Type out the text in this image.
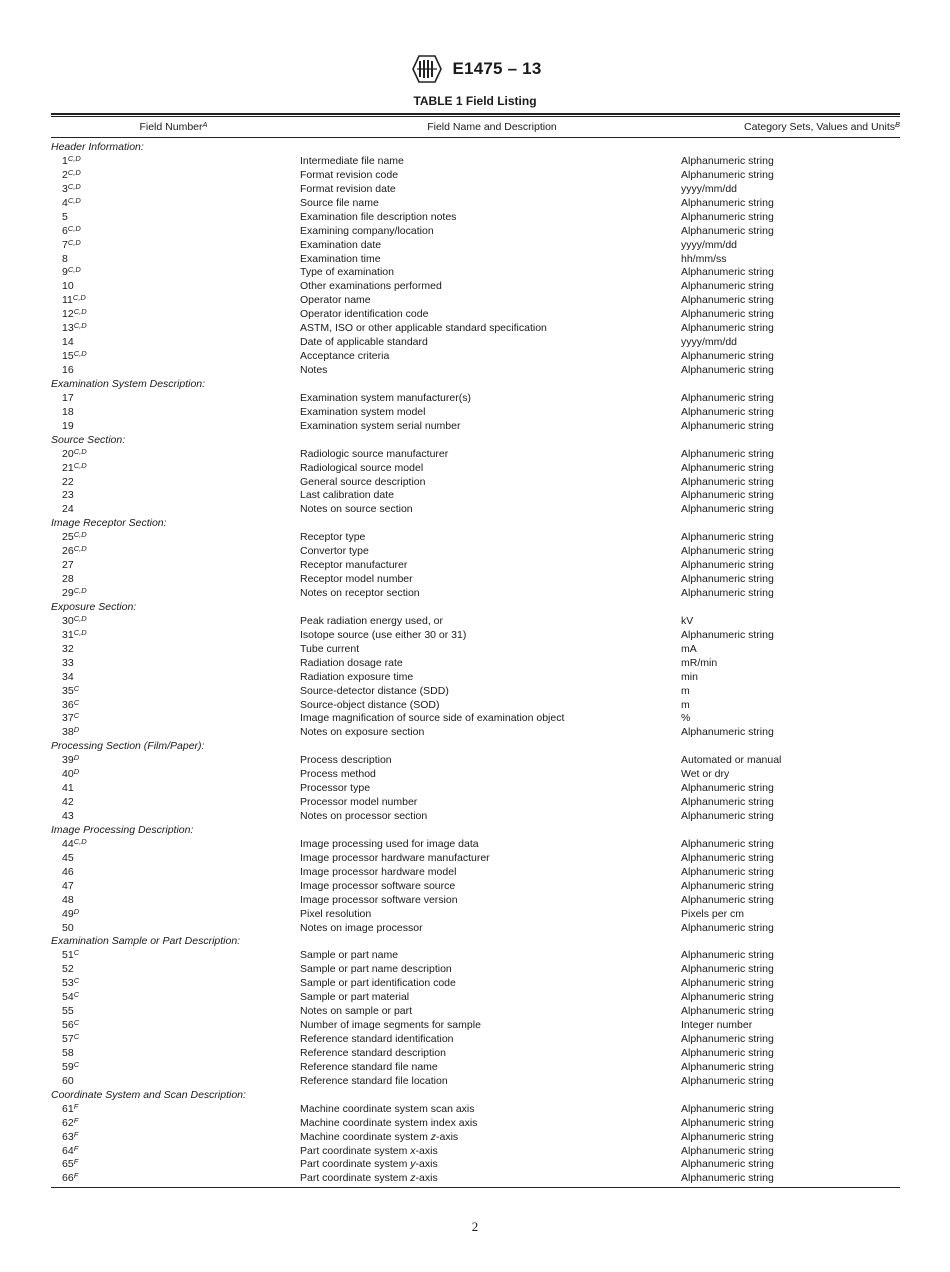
E1475 – 13
TABLE 1 Field Listing
Field Number$^A$	Field Name and Description	Category Sets, Values and Units$^B$
Header Information:
$1^{C,D}$	Intermediate file name	Alphanumeric string
$2^{C,D}$	Format revision code	Alphanumeric string
$3^{C,D}$	Format revision date	yyyy/mm/dd
$4^{C,D}$	Source file name	Alphanumeric string
5	Examination file description notes	Alphanumeric string
$6^{C,D}$	Examining company/location	Alphanumeric string
$7^{C,D}$	Examination date	yyyy/mm/dd
8	Examination time	hh/mm/ss
$9^{C,D}$	Type of examination	Alphanumeric string
10	Other examinations performed	Alphanumeric string
$11^{C,D}$	Operator name	Alphanumeric string
$12^{C,D}$	Operator identification code	Alphanumeric string
$13^{C,D}$	ASTM, ISO or other applicable standard specification	Alphanumeric string
14	Date of applicable standard	yyyy/mm/dd
$15^{C,D}$	Acceptance criteria	Alphanumeric string
16	Notes	Alphanumeric string
Examination System Description:
17	Examination system manufacturer(s)	Alphanumeric string
18	Examination system model	Alphanumeric string
19	Examination system serial number	Alphanumeric string
Source Section:
$20^{C,D}$	Radiologic source manufacturer	Alphanumeric string
$21^{C,D}$	Radiological source model	Alphanumeric string
22	General source description	Alphanumeric string
23	Last calibration date	Alphanumeric string
24	Notes on source section	Alphanumeric string
Image Receptor Section:
$25^{C,D}$	Receptor type	Alphanumeric string
$26^{C,D}$	Convertor type	Alphanumeric string
27	Receptor manufacturer	Alphanumeric string
28	Receptor model number	Alphanumeric string
$29^{C,D}$	Notes on receptor section	Alphanumeric string
Exposure Section:
$30^{C,D}$	Peak radiation energy used, or	kV
$31^{C,D}$	Isotope source (use either 30 or 31)	Alphanumeric string
32	Tube current	mA
33	Radiation dosage rate	mR/min
34	Radiation exposure time	min
$35^C$	Source-detector distance (SDD)	m
$36^C$	Source-object distance (SOD)	m
$37^C$	Image magnification of source side of examination object	%
$38^D$	Notes on exposure section	Alphanumeric string
Processing Section (Film/Paper):
$39^D$	Process description	Automated or manual
$40^D$	Process method	Wet or dry
41	Processor type	Alphanumeric string
42	Processor model number	Alphanumeric string
43	Notes on processor section	Alphanumeric string
Image Processing Description:
$44^{C,D}$	Image processing used for image data	Alphanumeric string
45	Image processor hardware manufacturer	Alphanumeric string
46	Image processor hardware model	Alphanumeric string
47	Image processor software source	Alphanumeric string
48	Image processor software version	Alphanumeric string
$49^D$	Pixel resolution	Pixels per cm
50	Notes on image processor	Alphanumeric string
Examination Sample or Part Description:
$51^C$	Sample or part name	Alphanumeric string
52	Sample or part name description	Alphanumeric string
$53^C$	Sample or part identification code	Alphanumeric string
$54^C$	Sample or part material	Alphanumeric string
55	Notes on sample or part	Alphanumeric string
$56^C$	Number of image segments for sample	Integer number
$57^C$	Reference standard identification	Alphanumeric string
58	Reference standard description	Alphanumeric string
$59^C$	Reference standard file name	Alphanumeric string
60	Reference standard file location	Alphanumeric string
Coordinate System and Scan Description:
$61^F$	Machine coordinate system scan axis	Alphanumeric string
$62^F$	Machine coordinate system index axis	Alphanumeric string
$63^F$	Machine coordinate system z-axis	Alphanumeric string
$64^F$	Part coordinate system x-axis	Alphanumeric string
$65^F$	Part coordinate system y-axis	Alphanumeric string
$66^F$	Part coordinate system z-axis	Alphanumeric string
2
